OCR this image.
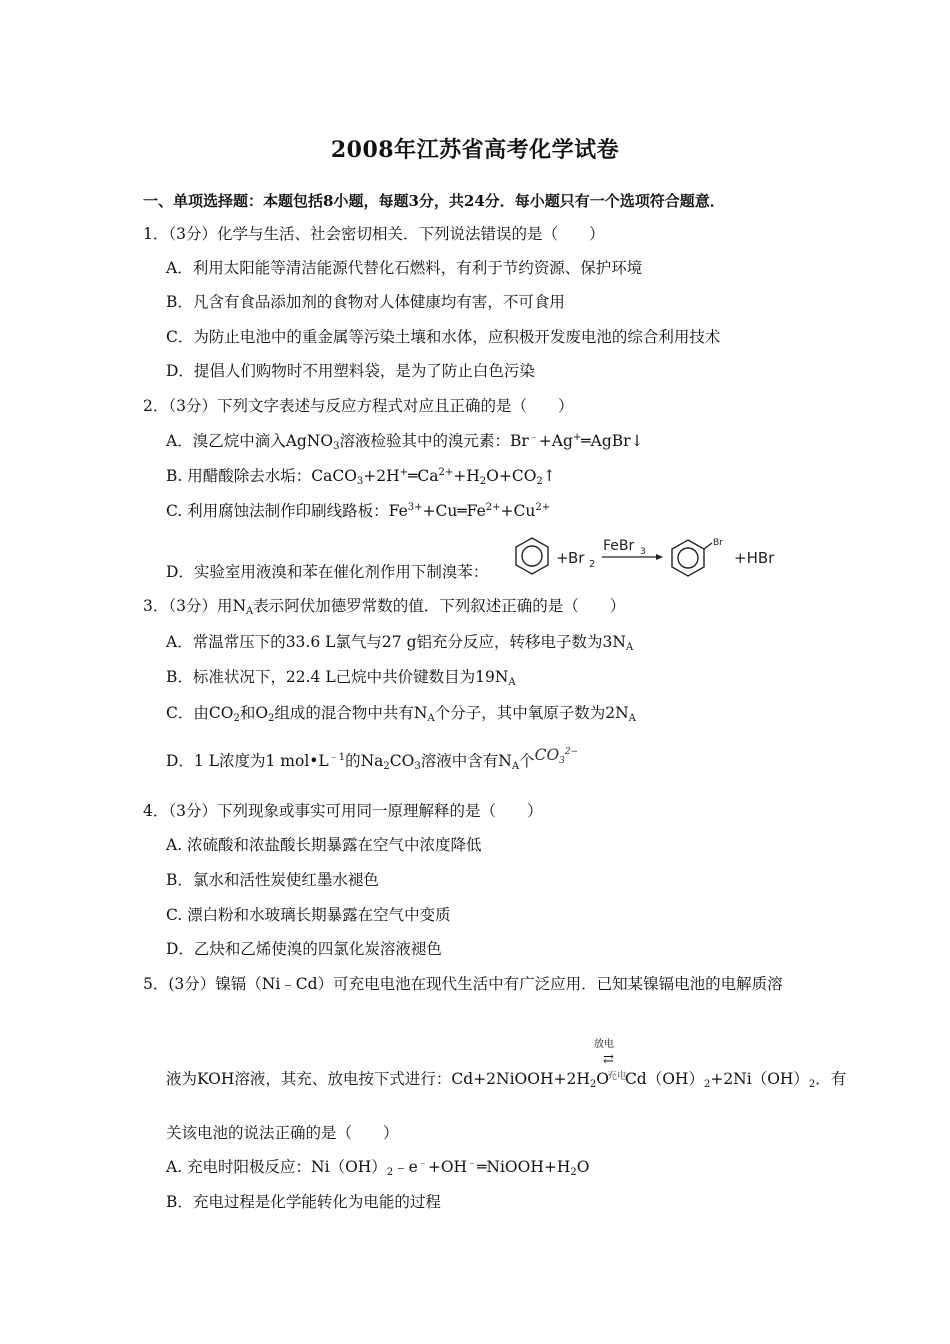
2008年江苏省高考化学试卷
一、单项选择题：本题包括8小题，每题3分，共24分．每小题只有一个选项符合题意．
1．（3分）化学与生活、社会密切相关．下列说法错误的是（　　）
A．利用太阳能等清洁能源代替化石燃料，有利于节约资源、保护环境
B．凡含有食品添加剂的食物对人体健康均有害，不可食用
C．为防止电池中的重金属等污染土壤和水体，应积极开发废电池的综合利用技术
D．提倡人们购物时不用塑料袋，是为了防止白色污染
2．（3分）下列文字表述与反应方程式对应且正确的是（　　）
A．溴乙烷中滴入AgNO$_3$溶液检验其中的溴元素：Br﹣+Ag+═AgBr↓
B. 用醋酸除去水垢：$CaCO_3+2H^+═Ca^{2+}+H_2O+CO_2↑$
C. 利用腐蚀法制作印刷线路板：$Fe^{3+}+Cu═Fe^{2+}+Cu^{2+}$
D．实验室用液溴和苯在催化剂作用下制溴苯：
+ Br 2
FeBr 3
Br
+HBr
3．（3分）用$N_A$表示阿伏加德罗常数的值．下列叙述正确的是（　　）
A．常温常压下的33.6 L氯气与27 g铝充分反应，转移电子数为$3N_A$
B．标准状况下，22.4 L己烷中共价键数目为$19N_A$
C．由$CO_2$和$O_2$组成的混合物中共有$N_A$个分子，其中氧原子数为$2N_A$
D．1 L浓度为1 $mol•L^{﹣1}$的$Na_2CO_3$溶液中含有$N_A$个$CO_3^{2-}$
4．（3分）下列现象或事实可用同一原理解释的是（　　）
A. 浓硫酸和浓盐酸长期暴露在空气中浓度降低
B．氯水和活性炭使红墨水褪色
C. 漂白粉和水玻璃长期暴露在空气中变质
D．乙炔和乙烯使溴的四氯化炭溶液褪色
5．(3分）镍镉（Ni﹣Cd）可充电电池在现代生活中有广泛应用．已知某镍镉电池的电解质溶
放电
⇄
液为KOH溶液，其充、放电按下式进行：$Cd+2NiOOH+2H_2O^{充电}Cd(OH)_2+2Ni(OH)_2$．有
关该电池的说法正确的是（　　）
A. 充电时阳极反应：$Ni(OH)_2﹣e^﹣+OH^﹣═NiOOH+H_2O$
B．充电过程是化学能转化为电能的过程
